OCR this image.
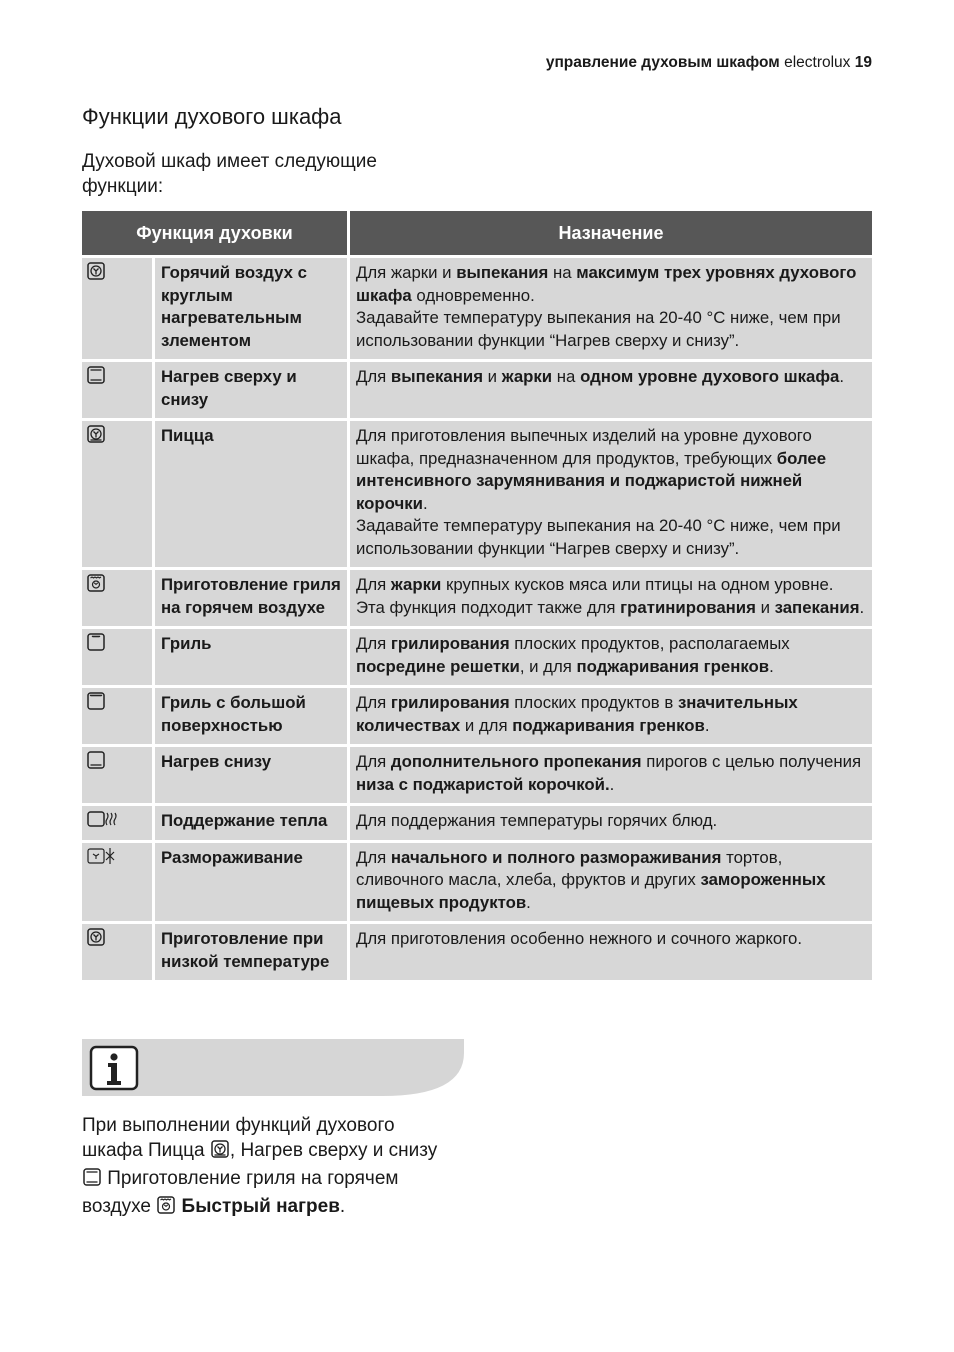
управление духовым шкафом electrolux 19
Функции духового шкафа

Духовой шкаф имеет следующие функции:

Функция духовки		Назначение
	Горячий воздух с круглым нагревательным злементом	Для жарки и выпекания на максимум трех уровнях духового шкафа одновременно.
Задавайте температуру выпекания на 20-40 °С ниже, чем при использовании функции “Нагрев сверху и снизу”.
	Нагрев сверху и снизу	Для выпекания и жарки на одном уровне духового шкафа.
	Пицца	Для приготовления выпечных изделий на уровне духового шкафа, предназначенном для продуктов, требующих более интенсивного зарумянивания и поджаристой нижней корочки.
Задавайте температуру выпекания на 20-40 °С ниже, чем при использовании функции “Нагрев сверху и снизу”.
	Приготовление гриля на горячем воздухе	Для жарки крупных кусков мяса или птицы на одном уровне. Эта функция подходит также для гратинирования и запекания.
	Гриль	Для грилирования плоских продуктов, располагаемых посредине решетки, и для поджаривания гренков.
	Гриль с большой поверхностью	Для грилирования плоских продуктов в значительных количествах и для поджаривания гренков.
	Нагрев снизу	Для дополнительного пропекания пирогов с целью получения низа с поджаристой корочкой..
	Поддержание тепла	Для поддержания температуры горячих блюд.
	Размораживание	Для начального и полного размораживания тортов, сливочного масла, хлеба, фруктов и других замороженных пищевых продуктов.
	Приготовление при низкой температуре	Для приготовления особенно нежного и сочного жаркого.

При выполнении функций духового шкафа Пицца , Нагрев сверху и снизу  Приготовление гриля на горячем воздухе  Быстрый нагрев.
